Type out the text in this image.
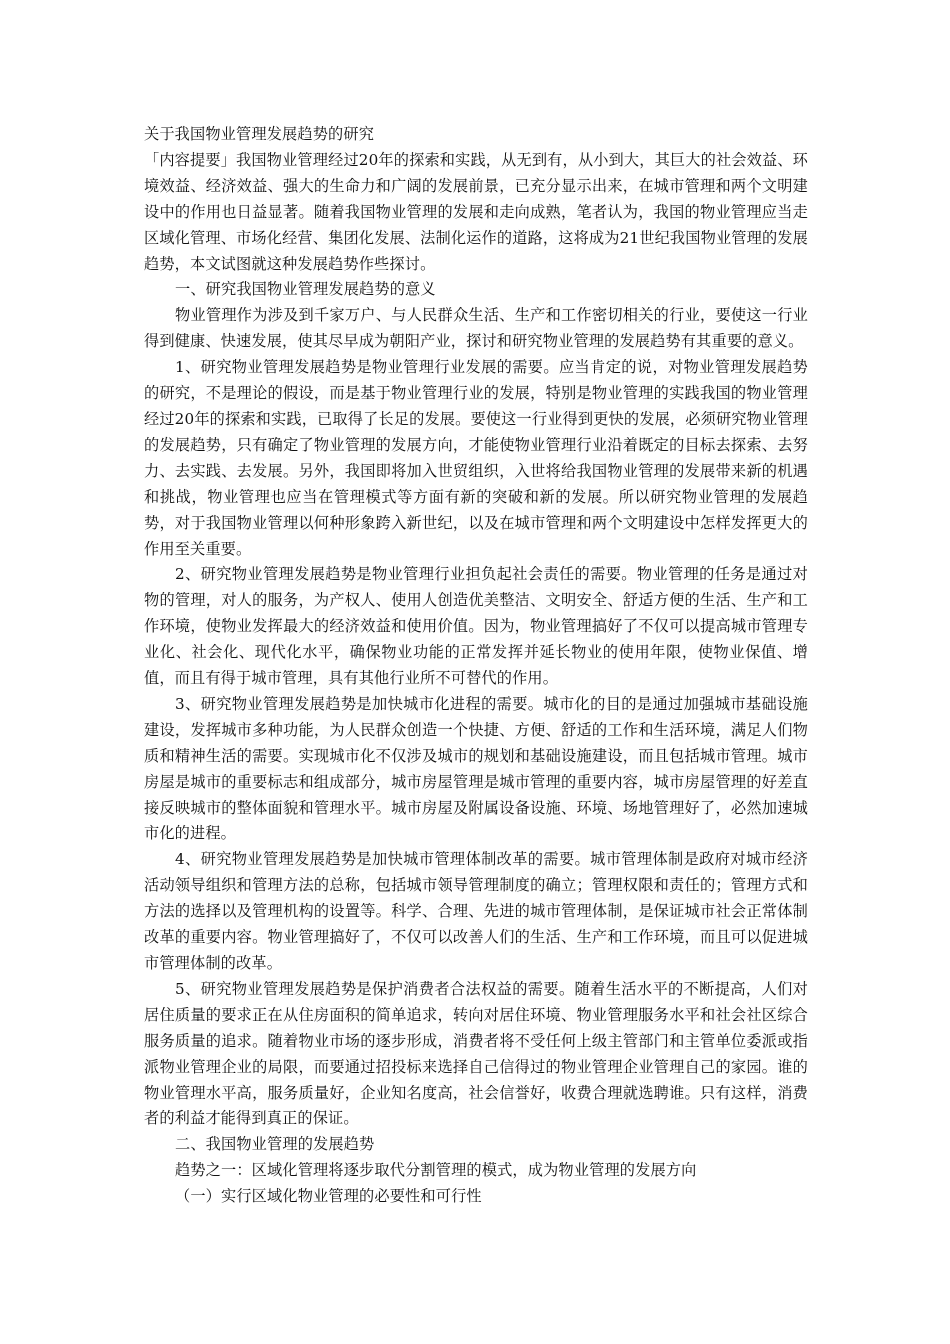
关于我国物业管理发展趋势的研究

「内容提要」我国物业管理经过20年的探索和实践，从无到有，从小到大，其巨大的社会效益、环境效益、经济效益、强大的生命力和广阔的发展前景，已充分显示出来，在城市管理和两个文明建设中的作用也日益显著。随着我国物业管理的发展和走向成熟，笔者认为，我国的物业管理应当走区域化管理、市场化经营、集团化发展、法制化运作的道路，这将成为21世纪我国物业管理的发展趋势，本文试图就这种发展趋势作些探讨。

一、研究我国物业管理发展趋势的意义

物业管理作为涉及到千家万户、与人民群众生活、生产和工作密切相关的行业，要使这一行业得到健康、快速发展，使其尽早成为朝阳产业，探讨和研究物业管理的发展趋势有其重要的意义。

1、研究物业管理发展趋势是物业管理行业发展的需要。应当肯定的说，对物业管理发展趋势的研究，不是理论的假设，而是基于物业管理行业的发展，特别是物业管理的实践我国的物业管理经过20年的探索和实践，已取得了长足的发展。要使这一行业得到更快的发展，必须研究物业管理的发展趋势，只有确定了物业管理的发展方向，才能使物业管理行业沿着既定的目标去探索、去努力、去实践、去发展。另外，我国即将加入世贸组织，入世将给我国物业管理的发展带来新的机遇和挑战，物业管理也应当在管理模式等方面有新的突破和新的发展。所以研究物业管理的发展趋势，对于我国物业管理以何种形象跨入新世纪，以及在城市管理和两个文明建设中怎样发挥更大的作用至关重要。

2、研究物业管理发展趋势是物业管理行业担负起社会责任的需要。物业管理的任务是通过对物的管理，对人的服务，为产权人、使用人创造优美整洁、文明安全、舒适方便的生活、生产和工作环境，使物业发挥最大的经济效益和使用价值。因为，物业管理搞好了不仅可以提高城市管理专业化、社会化、现代化水平，确保物业功能的正常发挥并延长物业的使用年限，使物业保值、增值，而且有得于城市管理，具有其他行业所不可替代的作用。

3、研究物业管理发展趋势是加快城市化进程的需要。城市化的目的是通过加强城市基础设施建设，发挥城市多种功能，为人民群众创造一个快捷、方便、舒适的工作和生活环境，满足人们物质和精神生活的需要。实现城市化不仅涉及城市的规划和基础设施建设，而且包括城市管理。城市房屋是城市的重要标志和组成部分，城市房屋管理是城市管理的重要内容，城市房屋管理的好差直接反映城市的整体面貌和管理水平。城市房屋及附属设备设施、环境、场地管理好了，必然加速城市化的进程。

4、研究物业管理发展趋势是加快城市管理体制改革的需要。城市管理体制是政府对城市经济活动领导组织和管理方法的总称，包括城市领导管理制度的确立；管理权限和责任的；管理方式和方法的选择以及管理机构的设置等。科学、合理、先进的城市管理体制，是保证城市社会正常体制改革的重要内容。物业管理搞好了，不仅可以改善人们的生活、生产和工作环境，而且可以促进城市管理体制的改革。

5、研究物业管理发展趋势是保护消费者合法权益的需要。随着生活水平的不断提高，人们对居住质量的要求正在从住房面积的简单追求，转向对居住环境、物业管理服务水平和社会社区综合服务质量的追求。随着物业市场的逐步形成，消费者将不受任何上级主管部门和主管单位委派或指派物业管理企业的局限，而要通过招投标来选择自己信得过的物业管理企业管理自己的家园。谁的物业管理水平高，服务质量好，企业知名度高，社会信誉好，收费合理就选聘谁。只有这样，消费者的利益才能得到真正的保证。

二、我国物业管理的发展趋势

趋势之一：区域化管理将逐步取代分割管理的模式，成为物业管理的发展方向

（一）实行区域化物业管理的必要性和可行性
